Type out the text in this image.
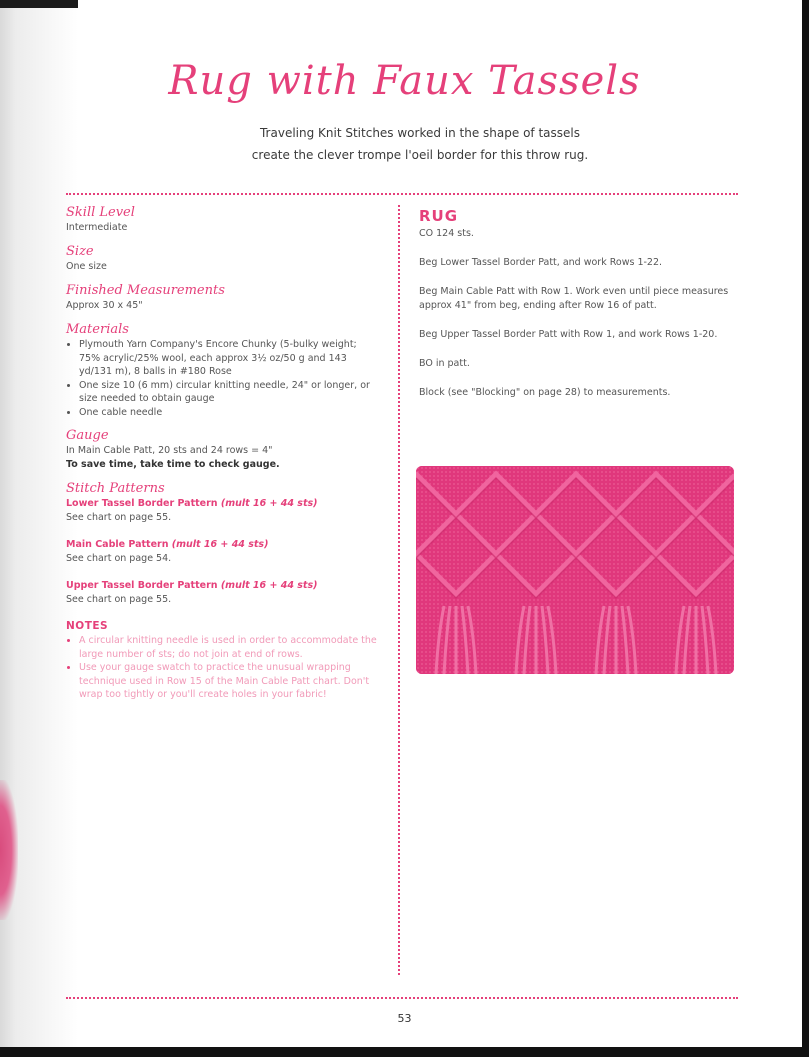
Rug with Faux Tassels
Traveling Knit Stitches worked in the shape of tassels
create the clever trompe l'oeil border for this throw rug.
Skill Level

Intermediate

Size

One size

Finished Measurements

Approx 30 x 45"

Materials
• Plymouth Yarn Company's Encore Chunky (5-bulky weight; 75% acrylic/25% wool, each approx 3½ oz/50 g and 143 yd/131 m), 8 balls in #180 Rose
• One size 10 (6 mm) circular knitting needle, 24" or longer, or size needed to obtain gauge
• One cable needle
Gauge

In Main Cable Patt, 20 sts and 24 rows = 4"

To save time, take time to check gauge.

Stitch Patterns

Lower Tassel Border Pattern (mult 16 + 44 sts)

See chart on page 55.

Main Cable Pattern (mult 16 + 44 sts)

See chart on page 54.

Upper Tassel Border Pattern (mult 16 + 44 sts)

See chart on page 55.

NOTES
• A circular knitting needle is used in order to accommodate the large number of sts; do not join at end of rows.
• Use your gauge swatch to practice the unusual wrapping technique used in Row 15 of the Main Cable Patt chart. Don't wrap too tightly or you'll create holes in your fabric!
RUG

CO 124 sts.

Beg Lower Tassel Border Patt, and work Rows 1-22.

Beg Main Cable Patt with Row 1. Work even until piece measures approx 41" from beg, ending after Row 16 of patt.

Beg Upper Tassel Border Patt with Row 1, and work Rows 1-20.

BO in patt.

Block (see "Blocking" on page 28) to measurements.

53
